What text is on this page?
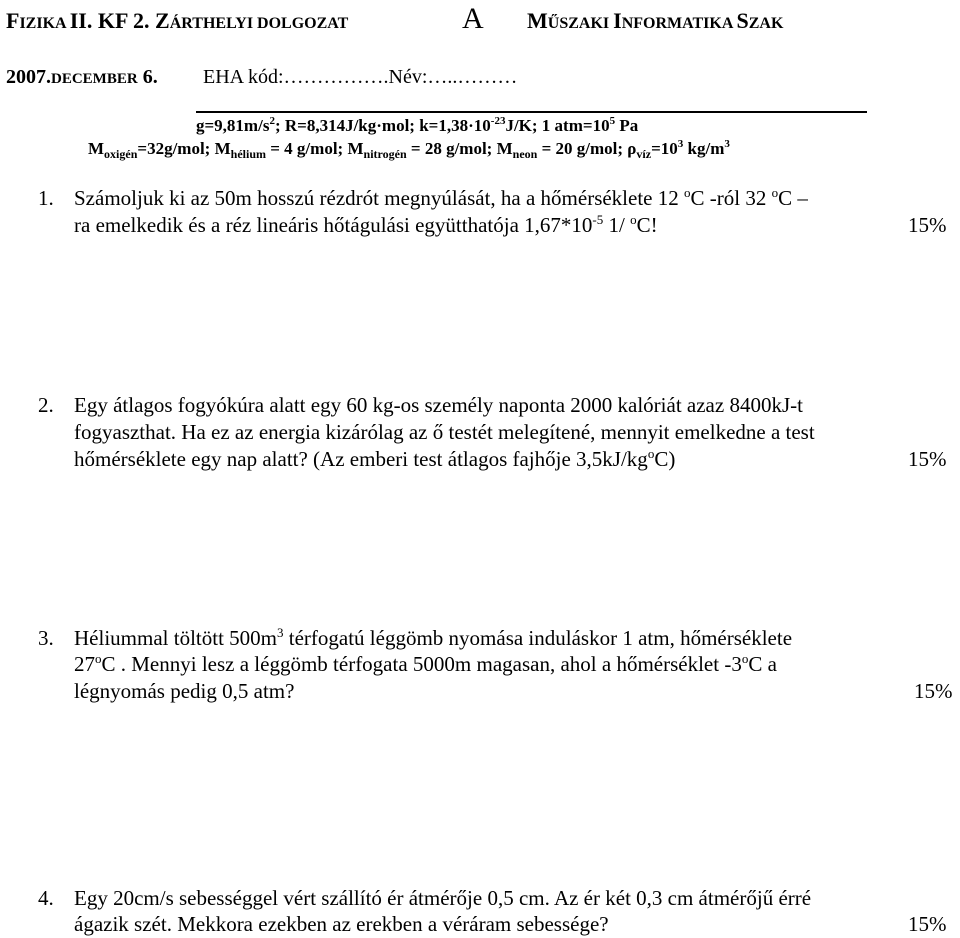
FIZIKA II. KF 2. ZÁRTHELYI DOLGOZAT	A MŰSZAKI INFORMATIKA SZAK
2007.DECEMBER 6. EHA kód:…………….Név:…..………
$g=9,81m/s^2$; R=8,314J/kg·mol; $k=1,38\cdot 10^{-23}J/K$; 1 $atm=10^5$ Pa
$M_{oxigén}=32g$/mol; $M_{hélium} = 4$ g/mol; $M_{nitrogén} = 28$ g/mol; $M_{neon} = 20$ g/mol; $\rho_{víz}=10^3$ $kg/m^3$
1. Számoljuk ki az 50m hosszú rézdrót megnyúlását, ha a hőmérséklete 12 $^o$C -ról 32 $^o$C –
ra emelkedik és a réz lineáris hőtágulási együtthatója $1,67*10^{-5}$ 1/ $^o$C!	15%
2. Egy átlagos fogyókúra alatt egy 60 kg-os személy naponta 2000 kalóriát azaz 8400kJ-t
fogyaszthat. Ha ez az energia kizárólag az ő testét melegítené, mennyit emelkedne a test
hőmérséklete egy nap alatt? (Az emberi test átlagos fajhője $3,5kJ/kg^oC$)	15%
3. Héliummal töltött $500m^3$ térfogatú léggömb nyomása induláskor 1 atm, hőmérséklete
27$^o$C . Mennyi lesz a léggömb térfogata 5000m magasan, ahol a hőmérséklet -3$^o$C a
légnyomás pedig 0,5 atm?	15%
4. Egy 20cm/s sebességgel vért szállító ér átmérője 0,5 cm. Az ér két 0,3 cm átmérőjű érré
ágazik szét. Mekkora ezekben az erekben a véráram sebessége?	15%
